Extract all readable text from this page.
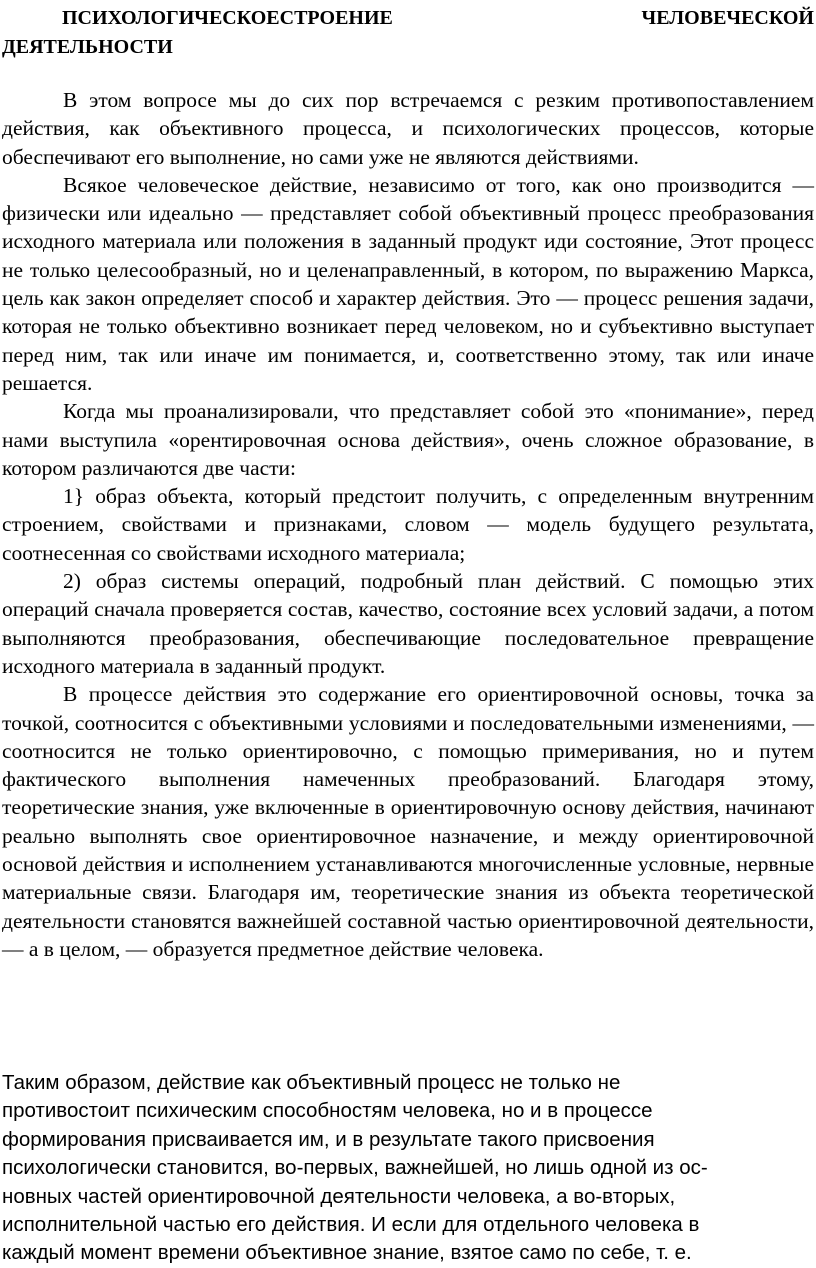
ПСИХОЛОГИЧЕСКОЕСТРОЕНИЕ	ЧЕЛОВЕЧЕСКОЙ
ДЕЯТЕЛЬНОСТИ

В этом вопросе мы до сих пор встречаемся с резким противопоставлением действия, как объективного процесса, и психологических процессов, которые обеспечивают его выполнение, но сами уже не являются действиями.

Всякое человеческое действие, независимо от того, как оно производится — физически или идеально — представляет собой объективный процесс преобразования исходного материала или положения в заданный продукт иди состояние, Этот процесс не только целесообразный, но и целенаправленный, в котором, по выражению Маркса, цель как закон определяет способ и характер действия. Это — процесс решения задачи, которая не только объективно возникает перед человеком, но и субъективно выступает перед ним, так или иначе им понимается, и, соответственно этому, так или иначе решается.

Когда мы проанализировали, что представляет собой это «понимание», перед нами выступила «орентировочная основа действия», очень сложное образование, в котором различаются две части:

1} образ объекта, который предстоит получить, с определенным внутренним строением, свойствами и признаками, словом — модель будущего результата, соотнесенная со свойствами исходного материала;

2) образ системы операций, подробный план действий. С помощью этих операций сначала проверяется состав, качество, состояние всех условий задачи, а потом выполняются преобразования, обеспечивающие последовательное превращение исходного материала в заданный продукт.

В процессе действия это содержание его ориентировочной основы, точка за точкой, соотносится с объективными условиями и последовательными изменениями, — соотносится не только ориентировочно, с помощью примеривания, но и путем фактического выполнения намеченных преобразований. Благодаря этому, теоретические знания, уже включенные в ориентировочную основу действия, начинают реально выполнять свое ориентировочное назначение, и между ориентировочной основой действия и исполнением устанавливаются многочисленные условные, нервные материальные связи. Благодаря им, теоретические знания из объекта теоретической деятельности становятся важнейшей составной частью ориентировочной деятельности, — а в целом, — образуется предметное действие человека.

Таким образом, действие как объективный процесс не только не

противостоит психическим способностям человека, но и в процессе

формирования присваивается им, и в результате такого присвоения

психологически становится, во-первых, важнейшей, но лишь одной из ос-

новных частей ориентировочной деятельности человека, а во-вторых,

исполнительной частью его действия. И если для отдельного человека в

каждый момент времени объективное знание, взятое само по себе, т. е.
